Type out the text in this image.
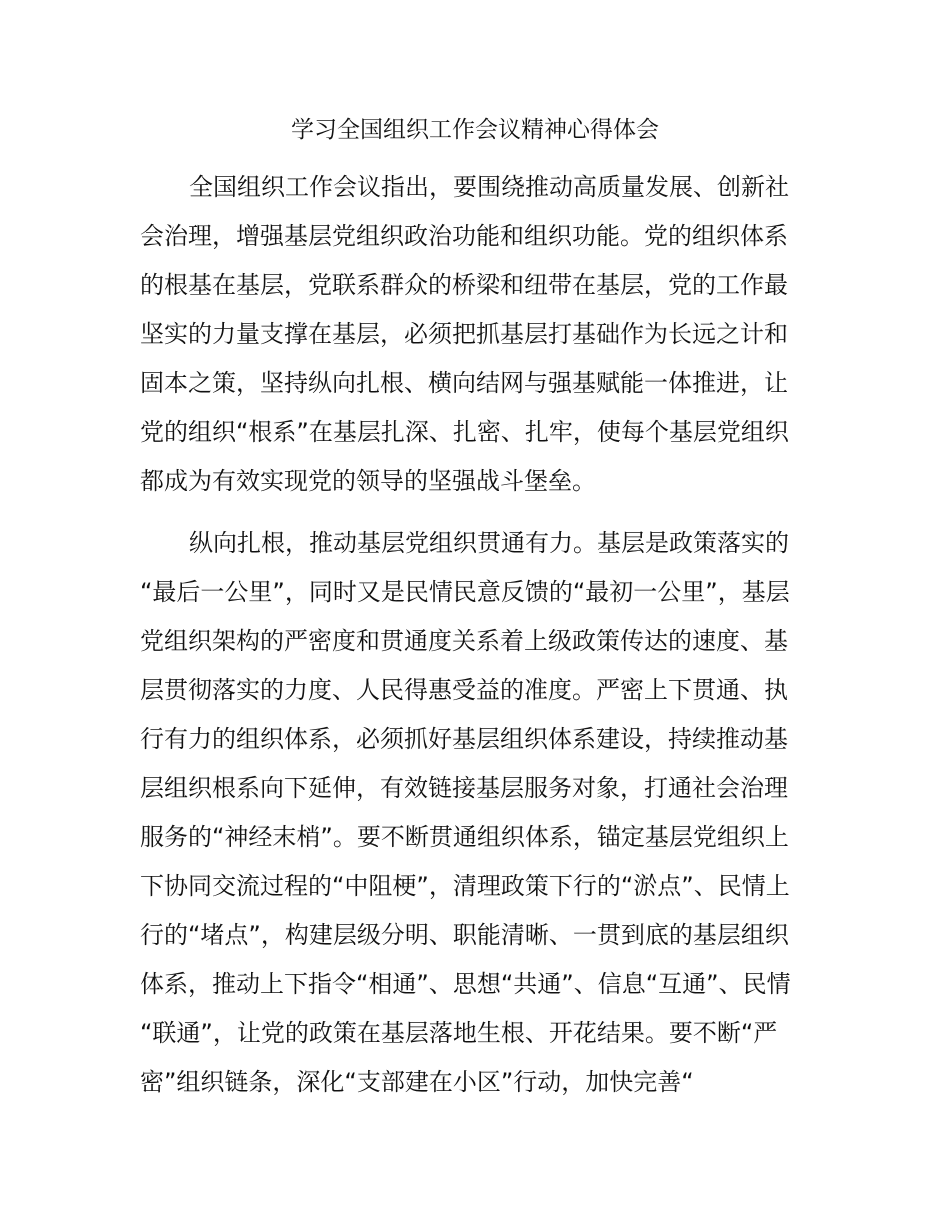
学习全国组织工作会议精神心得体会
全国组织工作会议指出，要围绕推动高质量发展、创新社
会治理，增强基层党组织政治功能和组织功能。党的组织体系
的根基在基层，党联系群众的桥梁和纽带在基层，党的工作最
坚实的力量支撑在基层，必须把抓基层打基础作为长远之计和
固本之策，坚持纵向扎根、横向结网与强基赋能一体推进，让
党的组织“根系”在基层扎深、扎密、扎牢，使每个基层党组织
都成为有效实现党的领导的坚强战斗堡垒。
纵向扎根，推动基层党组织贯通有力。基层是政策落实的
“最后一公里”，同时又是民情民意反馈的“最初一公里”，基层
党组织架构的严密度和贯通度关系着上级政策传达的速度、基
层贯彻落实的力度、人民得惠受益的准度。严密上下贯通、执
行有力的组织体系，必须抓好基层组织体系建设，持续推动基
层组织根系向下延伸，有效链接基层服务对象，打通社会治理
服务的“神经末梢”。要不断贯通组织体系，锚定基层党组织上
下协同交流过程的“中阻梗”，清理政策下行的“淤点”、民情上
行的“堵点”，构建层级分明、职能清晰、一贯到底的基层组织
体系，推动上下指令“相通”、思想“共通”、信息“互通”、民情
“联通”，让党的政策在基层落地生根、开花结果。要不断“严
密”组织链条，深化“支部建在小区”行动，加快完善“
